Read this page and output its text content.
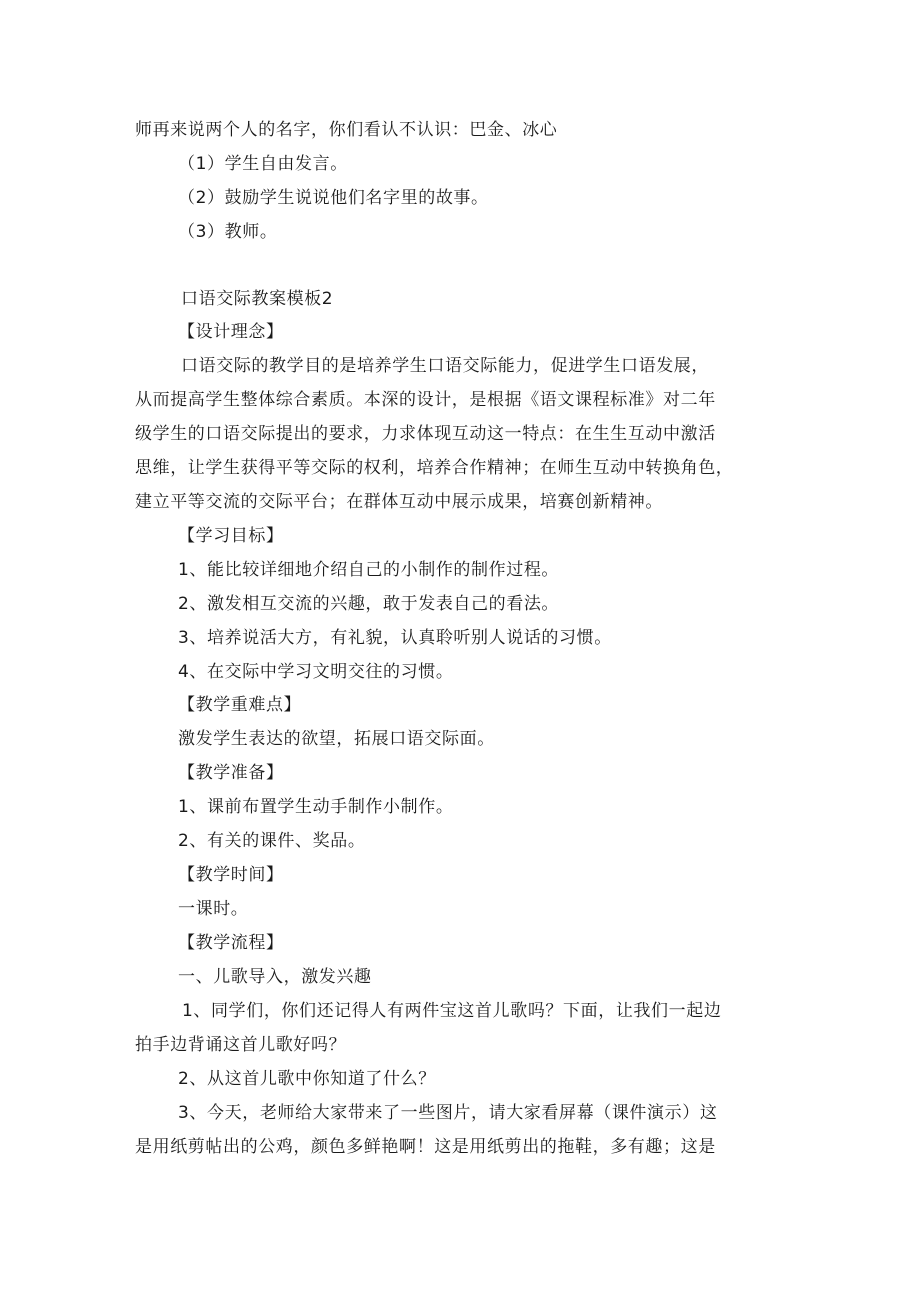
师再来说两个人的名字，你们看认不认识：巴金、冰心
（1）学生自由发言。
（2）鼓励学生说说他们名字里的故事。
（3）教师。
口语交际教案模板2
【设计理念】
口语交际的教学目的是培养学生口语交际能力，促进学生口语发展，
从而提高学生整体综合素质。本深的设计，是根据《语文课程标准》对二年
级学生的口语交际提出的要求，力求体现互动这一特点：在生生互动中激活
思维，让学生获得平等交际的权利，培养合作精神；在师生互动中转换角色，
建立平等交流的交际平台；在群体互动中展示成果，培赛创新精神。
【学习目标】
1、能比较详细地介绍自己的小制作的制作过程。
2、激发相互交流的兴趣，敢于发表自己的看法。
3、培养说活大方，有礼貌，认真聆听别人说话的习惯。
4、在交际中学习文明交往的习惯。
【教学重难点】
激发学生表达的欲望，拓展口语交际面。
【教学准备】
1、课前布置学生动手制作小制作。
2、有关的课件、奖品。
【教学时间】
一课时。
【教学流程】
一、儿歌导入，激发兴趣
1、同学们，你们还记得人有两件宝这首儿歌吗？下面，让我们一起边
拍手边背诵这首儿歌好吗？
2、从这首儿歌中你知道了什么？
3、今天，老师给大家带来了一些图片，请大家看屏幕（课件演示）这
是用纸剪帖出的公鸡，颜色多鲜艳啊！这是用纸剪出的拖鞋，多有趣；这是
